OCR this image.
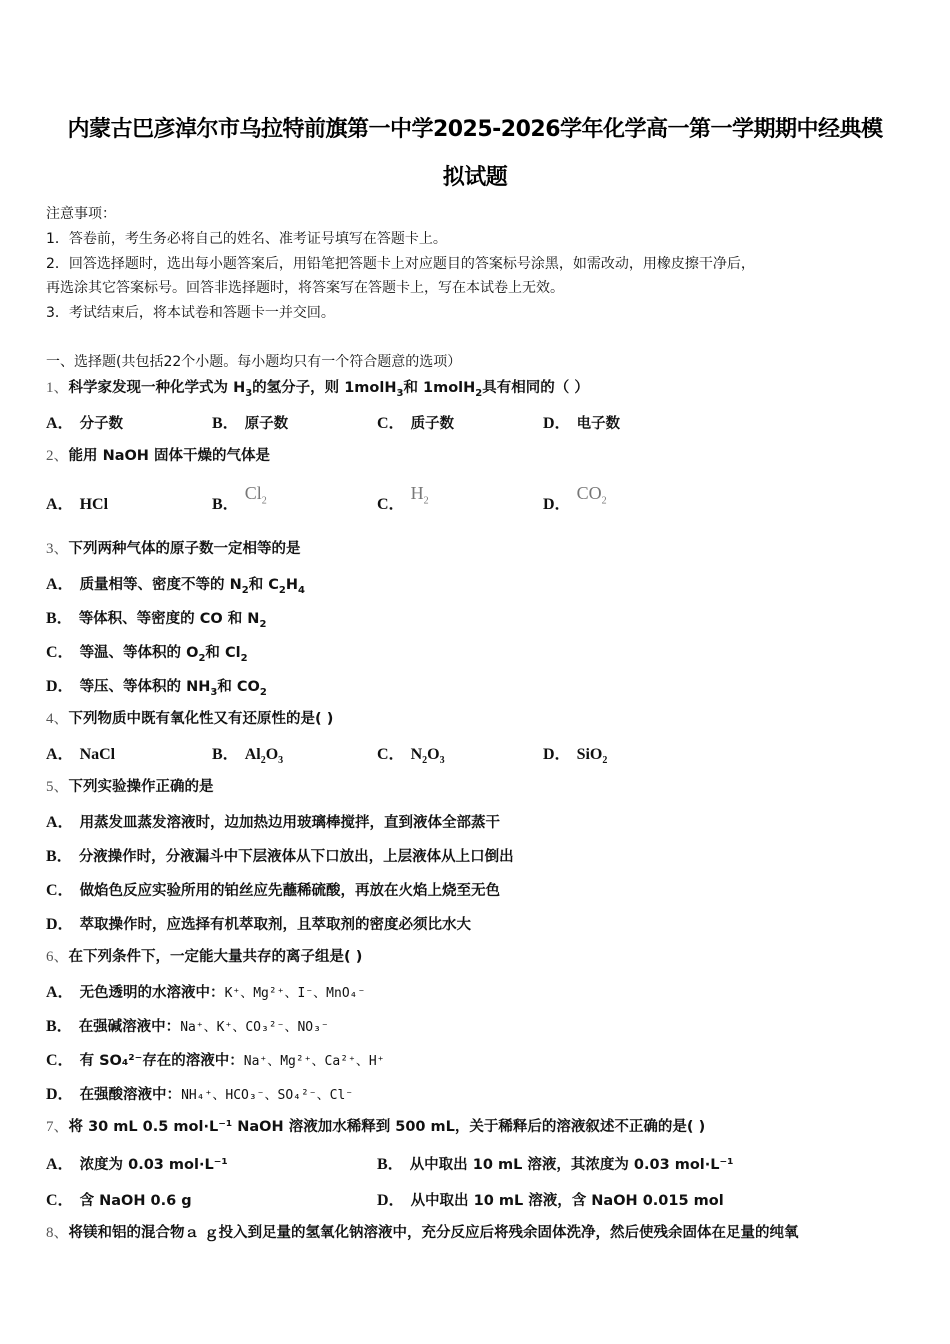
内蒙古巴彦淖尔市乌拉特前旗第一中学2025-2026学年化学高一第一学期期中经典模
拟试题
注意事项：
1．答卷前，考生务必将自己的姓名、准考证号填写在答题卡上。
2．回答选择题时，选出每小题答案后，用铅笔把答题卡上对应题目的答案标号涂黑，如需改动，用橡皮擦干净后，
再选涂其它答案标号。回答非选择题时，将答案写在答题卡上，写在本试卷上无效。
3．考试结束后，将本试卷和答题卡一并交回。
一、选择题(共包括22个小题。每小题均只有一个符合题意的选项）
1、科学家发现一种化学式为 $H_3$的氢分子，则 1molH$_3$和 1molH$_2$具有相同的（ ）
A． 分子数	B． 原子数	C． 质子数	D． 电子数
2、能用 NaOH 固体干燥的气体是
A． HCl	B．$Cl_2$	C．$H_2$	D．$CO_2$
3、下列两种气体的原子数一定相等的是
A． 质量相等、密度不等的 $N_2$和 $C_2H_4$
B． 等体积、等密度的 CO 和 $N_2$
C． 等温、等体积的 $O_2$和 $Cl_2$
D． 等压、等体积的 $NH_3$和 $CO_2$
4、下列物质中既有氧化性又有还原性的是( )
A． NaCl	B． $Al_2O_3$	C． $N_2O_3$	D． SiO$_2$
5、下列实验操作正确的是
A． 用蒸发皿蒸发溶液时，边加热边用玻璃棒搅拌，直到液体全部蒸干
B． 分液操作时，分液漏斗中下层液体从下口放出，上层液体从上口倒出
C． 做焰色反应实验所用的铂丝应先蘸稀硫酸，再放在火焰上烧至无色
D． 萃取操作时，应选择有机萃取剂，且萃取剂的密度必须比水大
6、在下列条件下，一定能大量共存的离子组是( )
A． 无色透明的水溶液中：K⁺、Mg²⁺、I⁻、MnO₄⁻
B． 在强碱溶液中：Na⁺、K⁺、CO₃²⁻、NO₃⁻
C． 有 SO₄²⁻存在的溶液中：Na⁺、Mg²⁺、Ca²⁺、H⁺
D． 在强酸溶液中：NH₄⁺、HCO₃⁻、SO₄²⁻、Cl⁻
7、将 30 mL 0.5 mol·L⁻¹ NaOH 溶液加水稀释到 500 mL，关于稀释后的溶液叙述不正确的是( )
A． 浓度为 0.03 mol·L⁻¹	B． 从中取出 10 mL 溶液，其浓度为 0.03 mol·L⁻¹
C． 含 NaOH 0.6 g	D． 从中取出 10 mL 溶液，含 NaOH 0.015 mol
8、将镁和铝的混合物ａ ｇ投入到足量的氢氧化钠溶液中，充分反应后将残余固体洗净，然后使残余固体在足量的纯氧
